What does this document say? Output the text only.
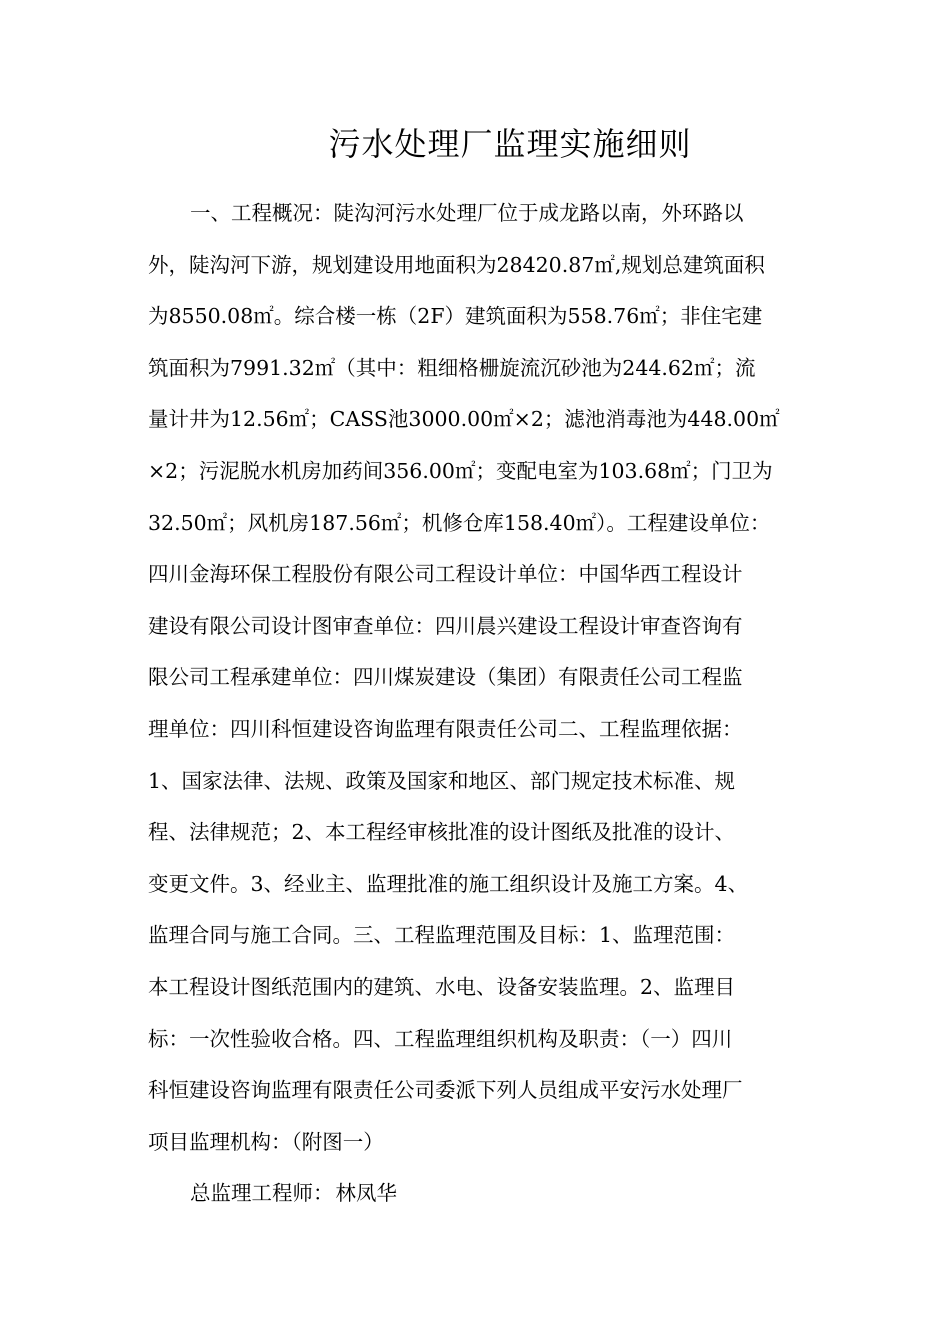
污水处理厂监理实施细则
一、工程概况：陡沟河污水处理厂位于成龙路以南，外环路以
外，陡沟河下游，规划建设用地面积为28420.87㎡,规划总建筑面积
为8550.08㎡。综合楼一栋（2F）建筑面积为558.76㎡；非住宅建
筑面积为7991.32㎡（其中：粗细格栅旋流沉砂池为244.62㎡；流
量计井为12.56㎡；CASS池3000.00㎡×2；滤池消毒池为448.00㎡
×2；污泥脱水机房加药间356.00㎡；变配电室为103.68㎡；门卫为
32.50㎡；风机房187.56㎡；机修仓库158.40㎡）。工程建设单位：
四川金海环保工程股份有限公司工程设计单位：中国华西工程设计
建设有限公司设计图审查单位：四川晨兴建设工程设计审查咨询有
限公司工程承建单位：四川煤炭建设（集团）有限责任公司工程监
理单位：四川科恒建设咨询监理有限责任公司二、工程监理依据：
1、国家法律、法规、政策及国家和地区、部门规定技术标准、规
程、法律规范；2、本工程经审核批准的设计图纸及批准的设计、
变更文件。3、经业主、监理批准的施工组织设计及施工方案。4、
监理合同与施工合同。三、工程监理范围及目标：1、监理范围：
本工程设计图纸范围内的建筑、水电、设备安装监理。2、监理目
标：一次性验收合格。四、工程监理组织机构及职责：（一）四川
科恒建设咨询监理有限责任公司委派下列人员组成平安污水处理厂
项目监理机构：（附图一）

总监理工程师：林凤华
